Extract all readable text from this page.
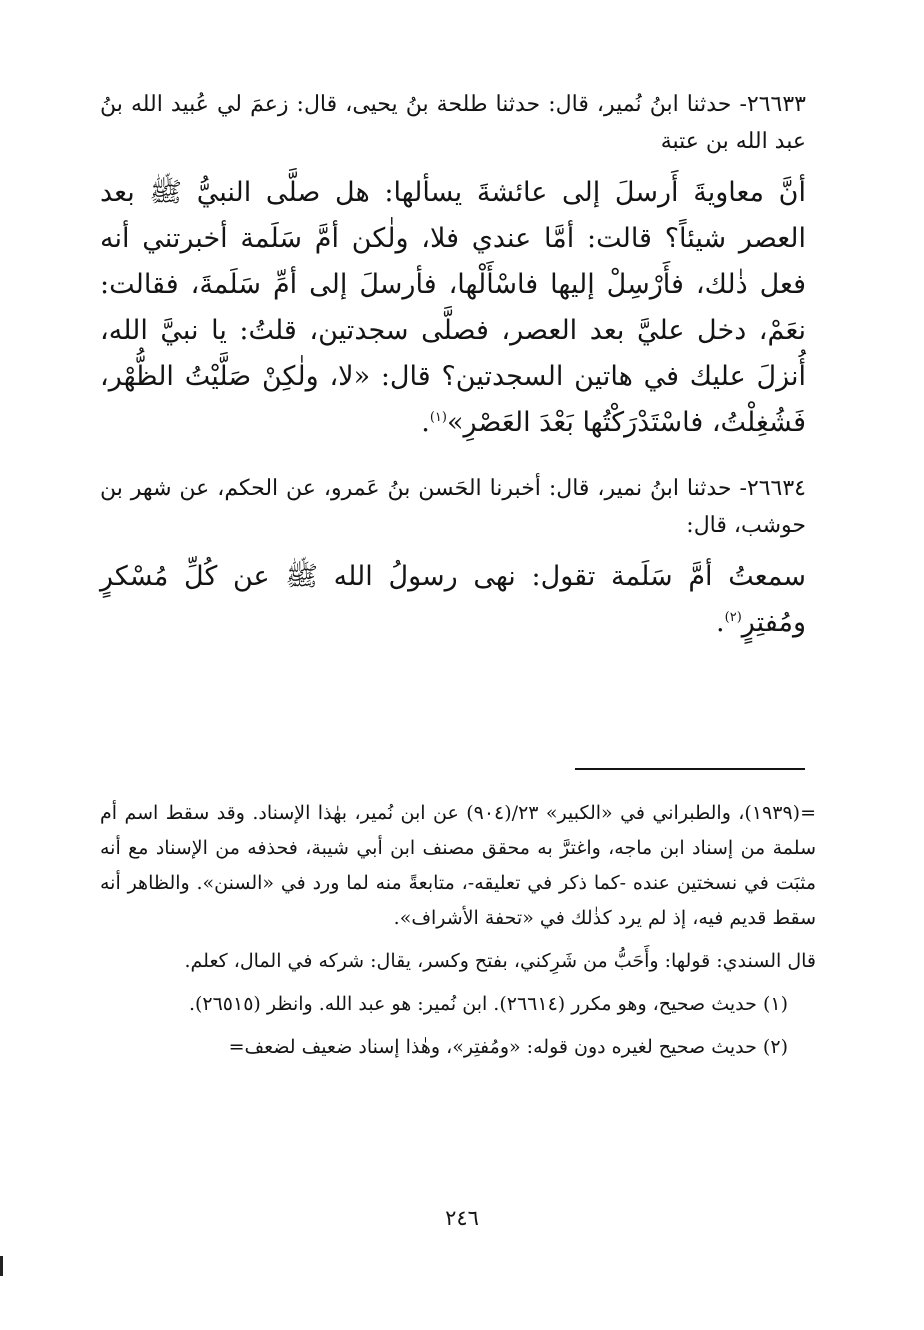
٢٦٦٣٣- حدثنا ابنُ نُمير، قال: حدثنا طلحة بنُ يحيى، قال: زعمَ لي عُبيد الله بنُ عبد الله بن عتبة

أنَّ معاويةَ أَرسلَ إلى عائشةَ يسألها: هل صلَّى النبيُّ ﷺ بعد العصر شيئاً؟ قالت: أمَّا عندي فلا، ولٰكن أمَّ سَلَمة أخبرتني أنه فعل ذٰلك، فأَرْسِلْ إليها فاسْأَلْها، فأرسلَ إلى أمِّ سَلَمةَ، فقالت: نعَمْ، دخل عليَّ بعد العصر، فصلَّى سجدتين، قلتُ: يا نبيَّ الله، أُنزلَ عليك في هاتين السجدتين؟ قال: «لا، ولٰكِنْ صَلَّيْتُ الظُّهْر، فَشُغِلْتُ، فاسْتَدْرَكْتُها بَعْدَ العَصْرِ»$^{(١)}$.

٢٦٦٣٤- حدثنا ابنُ نمير، قال: أخبرنا الحَسن بنُ عَمرو، عن الحكم، عن شهر بن حوشب، قال:

سمعتُ أمَّ سَلَمة تقول: نهى رسولُ الله ﷺ عن كُلِّ مُسْكرٍ ومُفتِرٍ$^{(٢)}$.

=(١٩٣٩)، والطبراني في «الكبير» ٢٣/(٩٠٤) عن ابن نُمير، بهٰذا الإسناد. وقد سقط اسم أم سلمة من إسناد ابن ماجه، واغترَّ به محقق مصنف ابن أبي شيبة، فحذفه من الإسناد مع أنه مثبَت في نسختين عنده -كما ذكر في تعليقه-، متابعةً منه لما ورد في «السنن». والظاهر أنه سقط قديم فيه، إذ لم يرد كذٰلك في «تحفة الأشراف».

قال السندي: قولها: وأَحَبُّ من شَرِكني، بفتح وكسر، يقال: شركه في المال، كعلم.

(١) حديث صحيح، وهو مكرر (٢٦٦١٤). ابن نُمير: هو عبد الله. وانظر (٢٦٥١٥).

(٢) حديث صحيح لغيره دون قوله: «ومُفتِر»، وهٰذا إسناد ضعيف لضعف=

٢٤٦
